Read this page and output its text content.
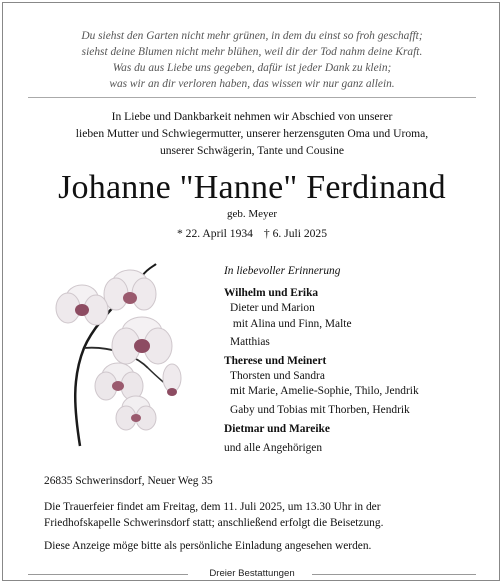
Du siehst den Garten nicht mehr grünen, in dem du einst so froh geschafft;
siehst deine Blumen nicht mehr blühen, weil dir der Tod nahm deine Kraft.
Was du aus Liebe uns gegeben, dafür ist jeder Dank zu klein;
was wir an dir verloren haben, das wissen wir nur ganz allein.
In Liebe und Dankbarkeit nehmen wir Abschied von unserer
lieben Mutter und Schwiegermutter, unserer herzensguten Oma und Uroma,
unserer Schwägerin, Tante und Cousine
Johanne "Hanne" Ferdinand
geb. Meyer
* 22. April 1934 † 6. Juli 2025
In liebevoller Erinnerung
Wilhelm und Erika
Dieter und Marion
mit Alina und Finn, Malte
Matthias
Therese und Meinert
Thorsten und Sandra
mit Marie, Amelie-Sophie, Thilo, Jendrik
Gaby und Tobias mit Thorben, Hendrik
Dietmar und Mareike
und alle Angehörigen
26835 Schwerinsdorf, Neuer Weg 35
Die Trauerfeier findet am Freitag, dem 11. Juli 2025, um 13.30 Uhr in der
Friedhofskapelle Schwerinsdorf statt; anschließend erfolgt die Beisetzung.
Diese Anzeige möge bitte als persönliche Einladung angesehen werden.
Dreier Bestattungen
